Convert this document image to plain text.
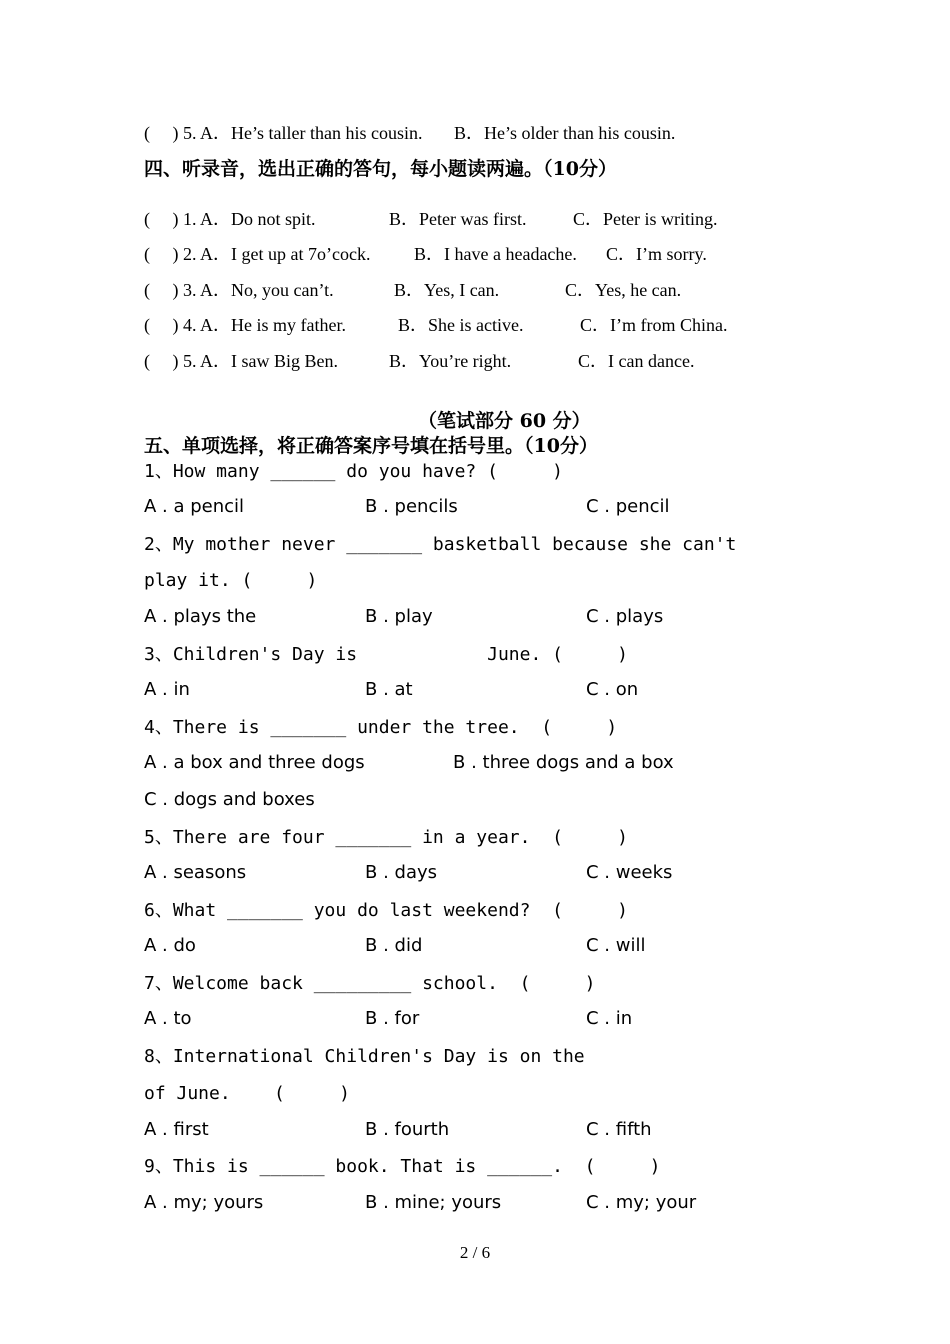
(     ) 5. A．He’s taller than his cousin.       B．He’s older than his cousin.
四、听录音，选出正确的答句，每小题读两遍。（10分）
(     ) 1. A．Do not spit.	B．Peter was first.	C．Peter is writing.
(     ) 2. A．I get up at 7o’cock. B．I have a headache. C．I’m sorry.
(     ) 3. A．No, you can’t.	B．Yes, I can.	C．Yes, he can.
(     ) 4. A．He is my father.	B．She is active.	C．I’m from China.
(     ) 5. A．I saw Big Ben.	B．You’re right.	C．I can dance.
（笔试部分 60 分）
五、单项选择，将正确答案序号填在括号里。（10分）
1、How many ______ do you have? (     )
A . a pencil	B . pencils	C . pencil
2、My mother never _______ basketball because she can't
play it. (     )
A . plays the	B . play	C . plays
3、Children's Day is            June. (     )
A . in	B . at	C . on
4、There is _______ under the tree.  (     )
A . a box and three dogs	B . three dogs and a box
C . dogs and boxes
5、There are four _______ in a year.  (     )
A . seasons	B . days	C . weeks
6、What _______ you do last weekend?  (     )
A . do	B . did	C . will
7、Welcome back _________ school.  (     )
A . to	B . for	C . in
8、International Children's Day is on the
of June.    (     )
A . first	B . fourth	C . fifth
9、This is ______ book. That is ______.  (     )
A . my; yours	B . mine; yours	C . my; your
2 / 6
